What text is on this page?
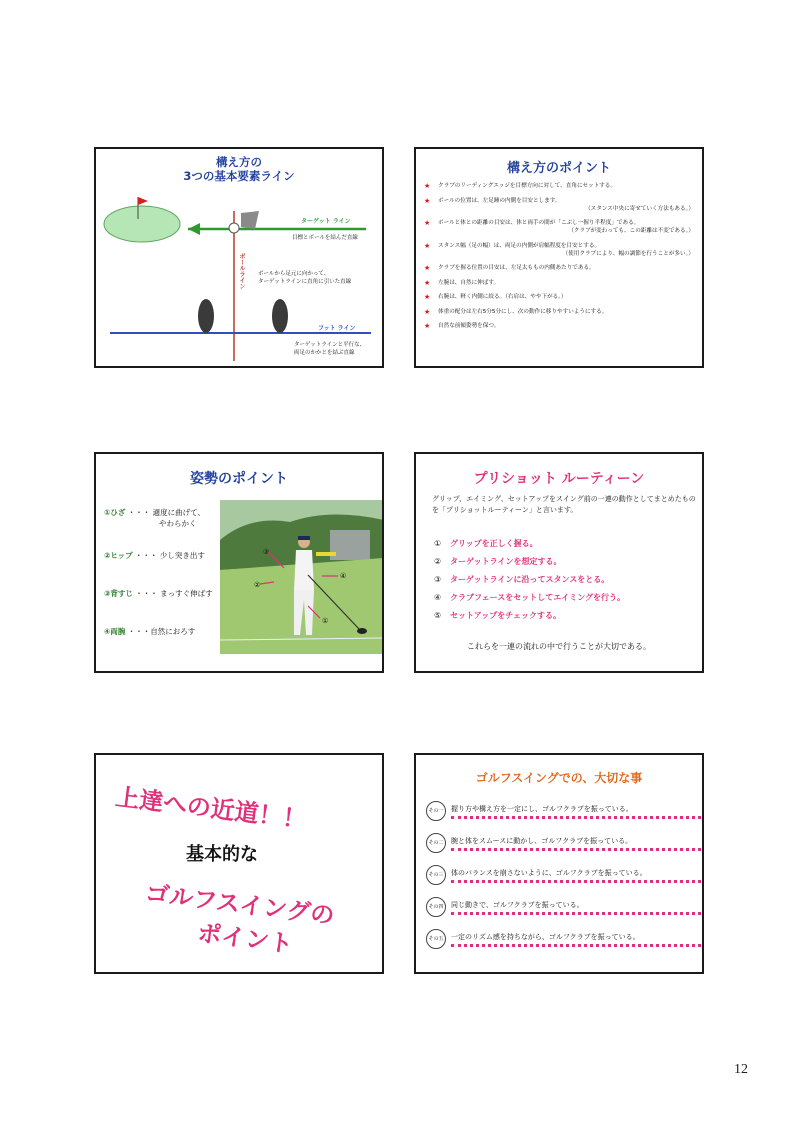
構え方の
3つの基本要素ライン
ターゲット ライン
目標とボールを結んだ直線
ボールライン ボールから足元に向かって、
ターゲットラインに直角に引いた直線
フット ライン
ターゲットラインと平行な、
両足のかかとを結ぶ直線
構え方のポイント
★ クラブのリーディングエッジを目標方向に対して、直角にセットする。
★ ボールの位置は、左足踵の内側を目安とします。
（スタンス中央に寄せていく方法もある。）
★ ボールと体との距離の目安は、体と両手の間が「こぶし一握り半程度」である。
（クラブが変わっても、この距離は不変である。）
★ スタンス幅（足の幅）は、両足の内側が肩幅程度を目安とする。
（使用クラブにより、幅の調節を行うことが多い。）
★ クラブを握る位置の目安は、左足太ももの内側あたりである。
★ 左腕は、自然に伸ばす。
★ 右腕は、軽く内側に絞る。（右肩は、やや下がる。）
★ 体重の配分は左右5分5分にし、次の動作に移りやすいようにする。
★ 自然な前傾姿勢を保つ。
姿勢のポイント
①ひざ ・・・ 適度に曲げて、
やわらかく
②ヒップ ・・・ 少し突き出す
③背すじ ・・・ まっすぐ伸ばす
④両腕 ・・・自然におろす
③
②
④
①
プリショット ルーティーン
グリップ、エイミング、セットアップをスイング前の一連の動作としてまとめたものを「プリショットルーティーン」と言います。
① グリップを正しく握る。
② ターゲットラインを想定する。
③ ターゲットラインに沿ってスタンスをとる。
④ クラブフェースをセットしてエイミングを行う。
⑤ セットアップをチェックする。
これらを一連の流れの中で行うことが大切である。
上達への近道！！
基本的な
ゴルフスイングの
ポイント
ゴルフスイングでの、大切な事
その一	握り方や構え方を一定にし、ゴルフクラブを振っている。
その二	腕と体をスムースに動かし、ゴルフクラブを振っている。
その三	体のバランスを崩さないように、ゴルフクラブを振っている。
その四	同じ動きで、ゴルフクラブを振っている。
その五	一定のリズム感を持ちながら、ゴルフクラブを振っている。
12
